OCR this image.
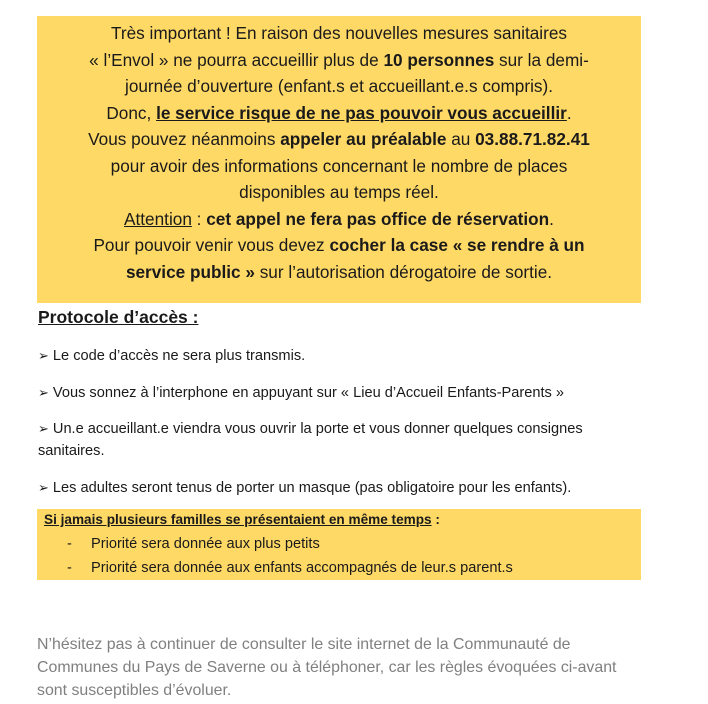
Très important ! En raison des nouvelles mesures sanitaires

« l’Envol » ne pourra accueillir plus de 10 personnes sur la demi-

journée d’ouverture (enfant.s et accueillant.e.s compris).

Donc, le service risque de ne pas pouvoir vous accueillir.

Vous pouvez néanmoins appeler au préalable au 03.88.71.82.41

pour avoir des informations concernant le nombre de places

disponibles au temps réel.

Attention : cet appel ne fera pas office de réservation.

Pour pouvoir venir vous devez cocher la case « se rendre à un

service public » sur l’autorisation dérogatoire de sortie.

Protocole d’accès :
➢ Le code d’accès ne sera plus transmis.
➢ Vous sonnez à l’interphone en appuyant sur « Lieu d’Accueil Enfants-Parents »
➢ Un.e accueillant.e viendra vous ouvrir la porte et vous donner quelques consignes
sanitaires.
➢ Les adultes seront tenus de porter un masque (pas obligatoire pour les enfants).
Si jamais plusieurs familles se présentaient en même temps :
- Priorité sera donnée aux plus petits
- Priorité sera donnée aux enfants accompagnés de leur.s parent.s
N’hésitez pas à continuer de consulter le site internet de la Communauté de
Communes du Pays de Saverne ou à téléphoner, car les règles évoquées ci-avant
sont susceptibles d’évoluer.
